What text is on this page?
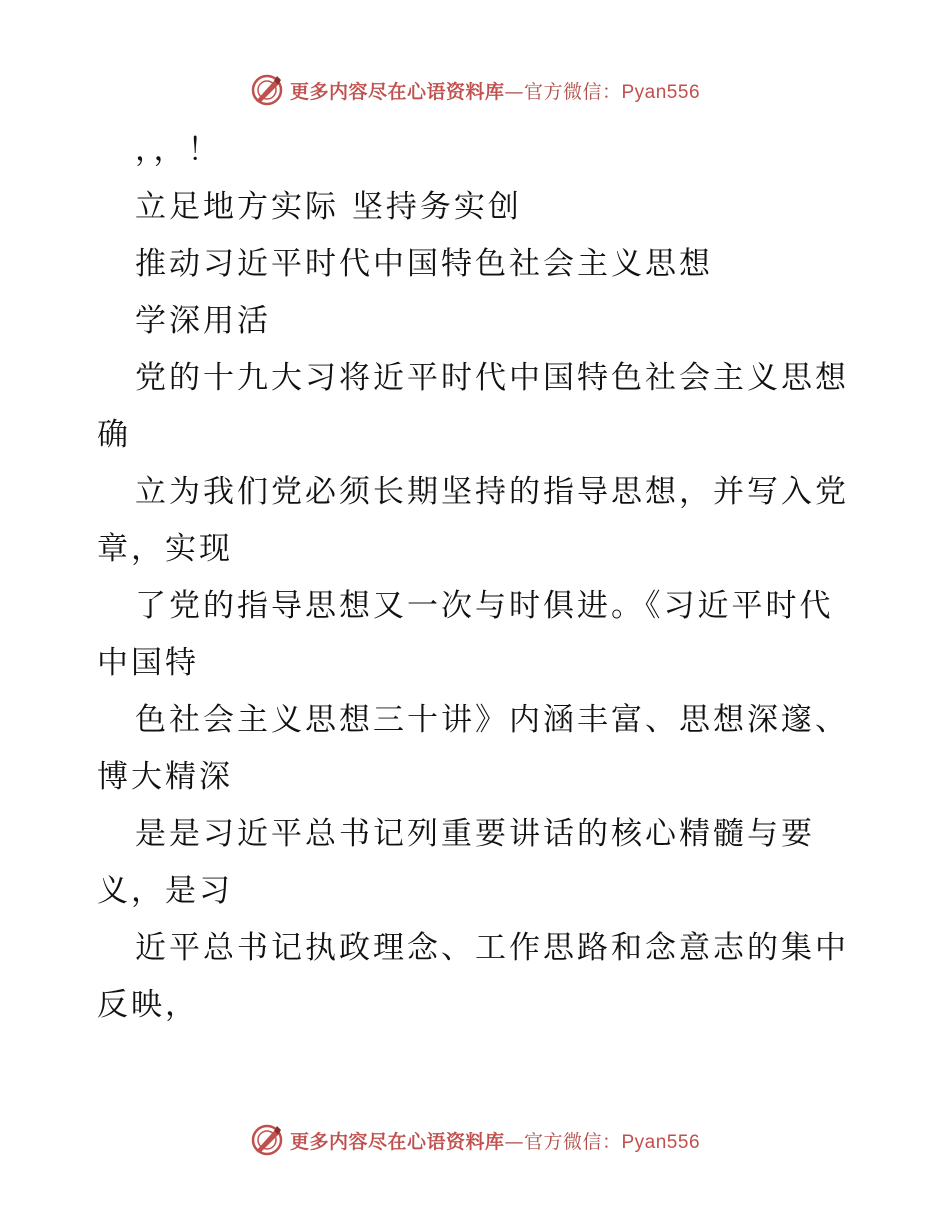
更多内容尽在心语资料库—官方微信：Pyan556
，，！
立足地方实际 坚持务实创
推动习近平时代中国特色社会主义思想
学深用活
党的十九大习将近平时代中国特色社会主义思想
确
立为我们党必须长期坚持的指导思想，并写入党
章，实现
了党的指导思想又一次与时俱进。《习近平时代
中国特
色社会主义思想三十讲》内涵丰富、思想深邃、
博大精深
是是习近平总书记列重要讲话的核心精髓与要
义，是习
近平总书记执政理念、工作思路和念意志的集中
反映，
更多内容尽在心语资料库—官方微信：Pyan556
